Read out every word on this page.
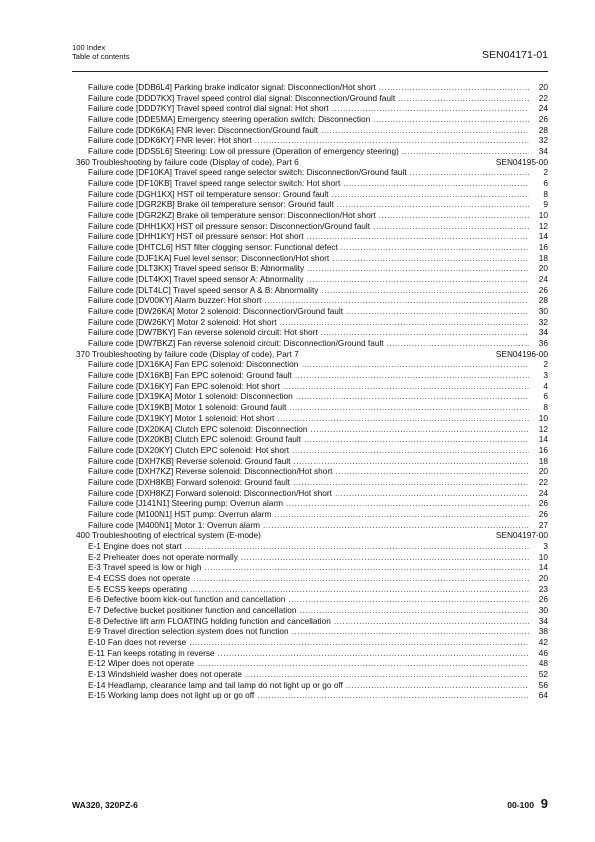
100 Index
Table of contents	SEN04171-01
Failure code [DDB6L4] Parking brake indicator signal: Disconnection/Hot short .....	20
Failure code [DDD7KX] Travel speed control dial signal: Disconnection/Ground fault .....	22
Failure code [DDD7KY] Travel speed control dial signal: Hot short .....	24
Failure code [DDE5MA] Emergency steering operation switch: Disconnection .....	26
Failure code [DDK6KA] FNR lever: Disconnection/Ground fault .....	28
Failure code [DDK6KY] FNR lever: Hot short .....	32
Failure code [DDS5L6] Steering: Low oil pressure (Operation of emergency steering) .....	34
360 Troubleshooting by failure code (Display of code), Part 6	SEN04195-00
Failure code [DF10KA] Travel speed range selector switch: Disconnection/Ground fault .....	2
Failure code [DF10KB] Travel speed range selector switch: Hot short .....	6
Failure code [DGH1KX] HST oil temperature sensor: Ground fault .....	8
Failure code [DGR2KB] Brake oil temperature sensor: Ground fault .....	9
Failure code [DGR2KZ] Brake oil temperature sensor: Disconnection/Hot short .....	10
Failure code [DHH1KX] HST oil pressure sensor: Disconnection/Ground fault .....	12
Failure code [DHH1KY] HST oil pressure sensor: Hot short .....	14
Failure code [DHTCL6] HST filter clogging sensor: Functional defect .....	16
Failure code [DJF1KA] Fuel level sensor: Disconnection/Hot short .....	18
Failure code [DLT3KX] Travel speed sensor B: Abnormality .....	20
Failure code [DLT4KX] Travel speed sensor A: Abnormality .....	24
Failure code [DLT4LC] Travel speed sensor A & B: Abnormality .....	26
Failure code [DV00KY] Alarm buzzer: Hot short .....	28
Failure code [DW26KA] Motor 2 solenoid: Disconnection/Ground fault .....	30
Failure code [DW26KY] Motor 2 solenoid: Hot short .....	32
Failure code [DW7BKY] Fan reverse solenoid circuit: Hot short .....	34
Failure code [DW7BKZ] Fan reverse solenoid circuit: Disconnection/Ground fault .....	36
370 Troubleshooting by failure code (Display of code), Part 7	SEN04196-00
Failure code [DX16KA] Fan EPC solenoid: Disconnection .....	2
Failure code [DX16KB] Fan EPC solenoid: Ground fault .....	3
Failure code [DX16KY] Fan EPC solenoid: Hot short .....	4
Failure code [DX19KA] Motor 1 solenoid: Disconnection .....	6
Failure code [DX19KB] Motor 1 solenoid: Ground fault .....	8
Failure code [DX19KY] Motor 1 solenoid: Hot short .....	10
Failure code [DX20KA] Clutch EPC solenoid: Disconnection .....	12
Failure code [DX20KB] Clutch EPC solenoid: Ground fault .....	14
Failure code [DX20KY] Clutch EPC solenoid: Hot short .....	16
Failure code [DXH7KB] Reverse solenoid: Ground fault .....	18
Failure code [DXH7KZ] Reverse solenoid: Disconnection/Hot short .....	20
Failure code [DXH8KB] Forward solenoid: Ground fault .....	22
Failure code [DXH8KZ] Forward solenoid: Disconnection/Hot short .....	24
Failure code [J141N1] Steering pump: Overrun alarm .....	26
Failure code [M100N1] HST pump: Overrun alarm .....	26
Failure code [M400N1] Motor 1: Overrun alarm .....	27
400 Troubleshooting of electrical system (E-mode)	SEN04197-00
E-1 Engine does not start .....	3
E-2 Preheater does not operate normally .....	10
E-3 Travel speed is low or high .....	14
E-4 ECSS does not operate .....	20
E-5 ECSS keeps operating .....	23
E-6 Defective boom kick-out function and cancellation .....	26
E-7 Defective bucket positioner function and cancellation .....	30
E-8 Defective lift arm FLOATING holding function and cancellation .....	34
E-9 Travel direction selection system does not function .....	38
E-10 Fan does not reverse .....	42
E-11 Fan keeps rotating in reverse .....	46
E-12 Wiper does not operate .....	48
E-13 Windshield washer does not operate .....	52
E-14 Headlamp, clearance lamp and tail lamp do not light up or go off .....	56
E-15 Working lamp does not light up or go off .....	64
WA320, 320PZ-6	00-100 9
